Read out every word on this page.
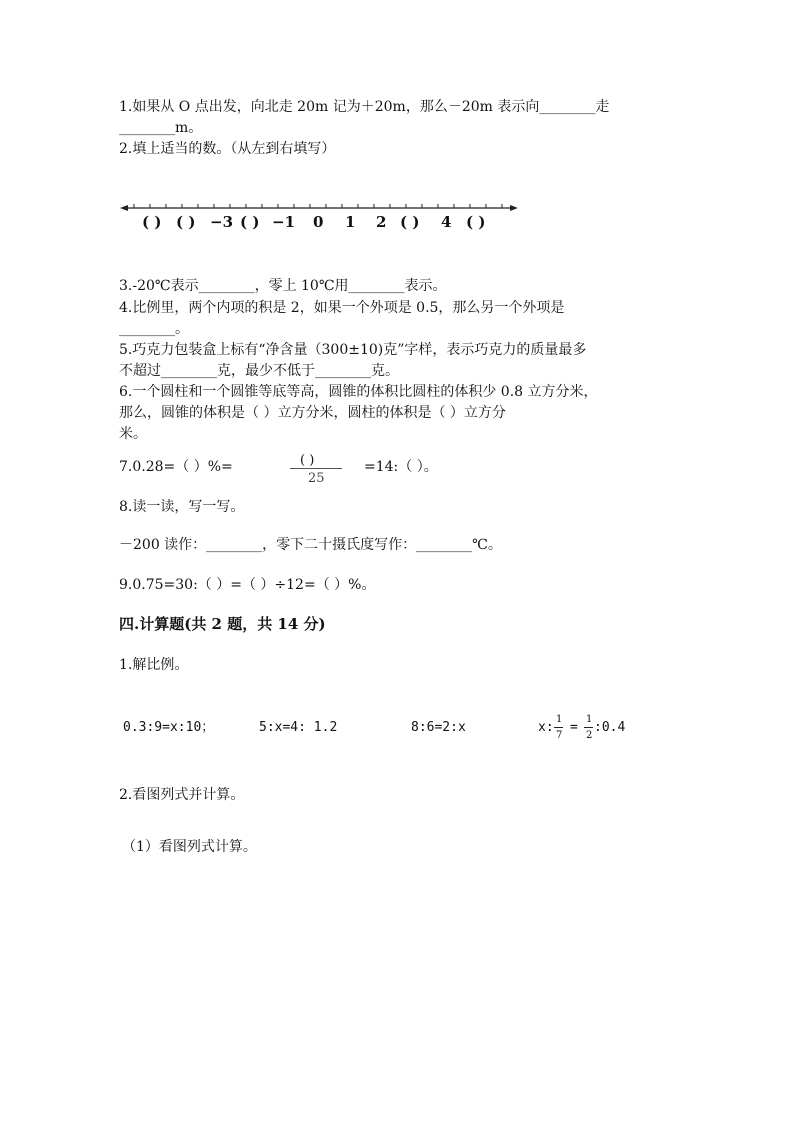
1.如果从 O 点出发，向北走 20m 记为＋20m，那么－20m 表示向________走
________m。
2.填上适当的数。（从左到右填写）
( ) ( ) −3 ( ) −1 0 1 2 ( ) 4 ( )
3.-20℃表示________，零上 10℃用________表示。
4.比例里，两个内项的积是 2，如果一个外项是 0.5，那么另一个外项是
________。
5.巧克力包装盒上标有“净含量（300±10)克”字样，表示巧克力的质量最多
不超过________克，最少不低于________克。
6.一个圆柱和一个圆锥等底等高，圆锥的体积比圆柱的体积少 0.8 立方分米，
那么，圆锥的体积是（ ）立方分米，圆柱的体积是（ ）立方分
米。
7.0.28=（ ）%=	( )
25
=14:（ ）。
8.读一读，写一写。
－200 读作：________，零下二十摄氏度写作：________℃。
9.0.75=30:（ ）=（ ）÷12=（ ）%。
四.计算题(共 2 题，共 14 分)
1.解比例。
0.3:9=x:10；	5:x=4: 1.2	8:6=2:x	x:
1
7
=
1
2
:0.4
2.看图列式并计算。
（1）看图列式计算。
